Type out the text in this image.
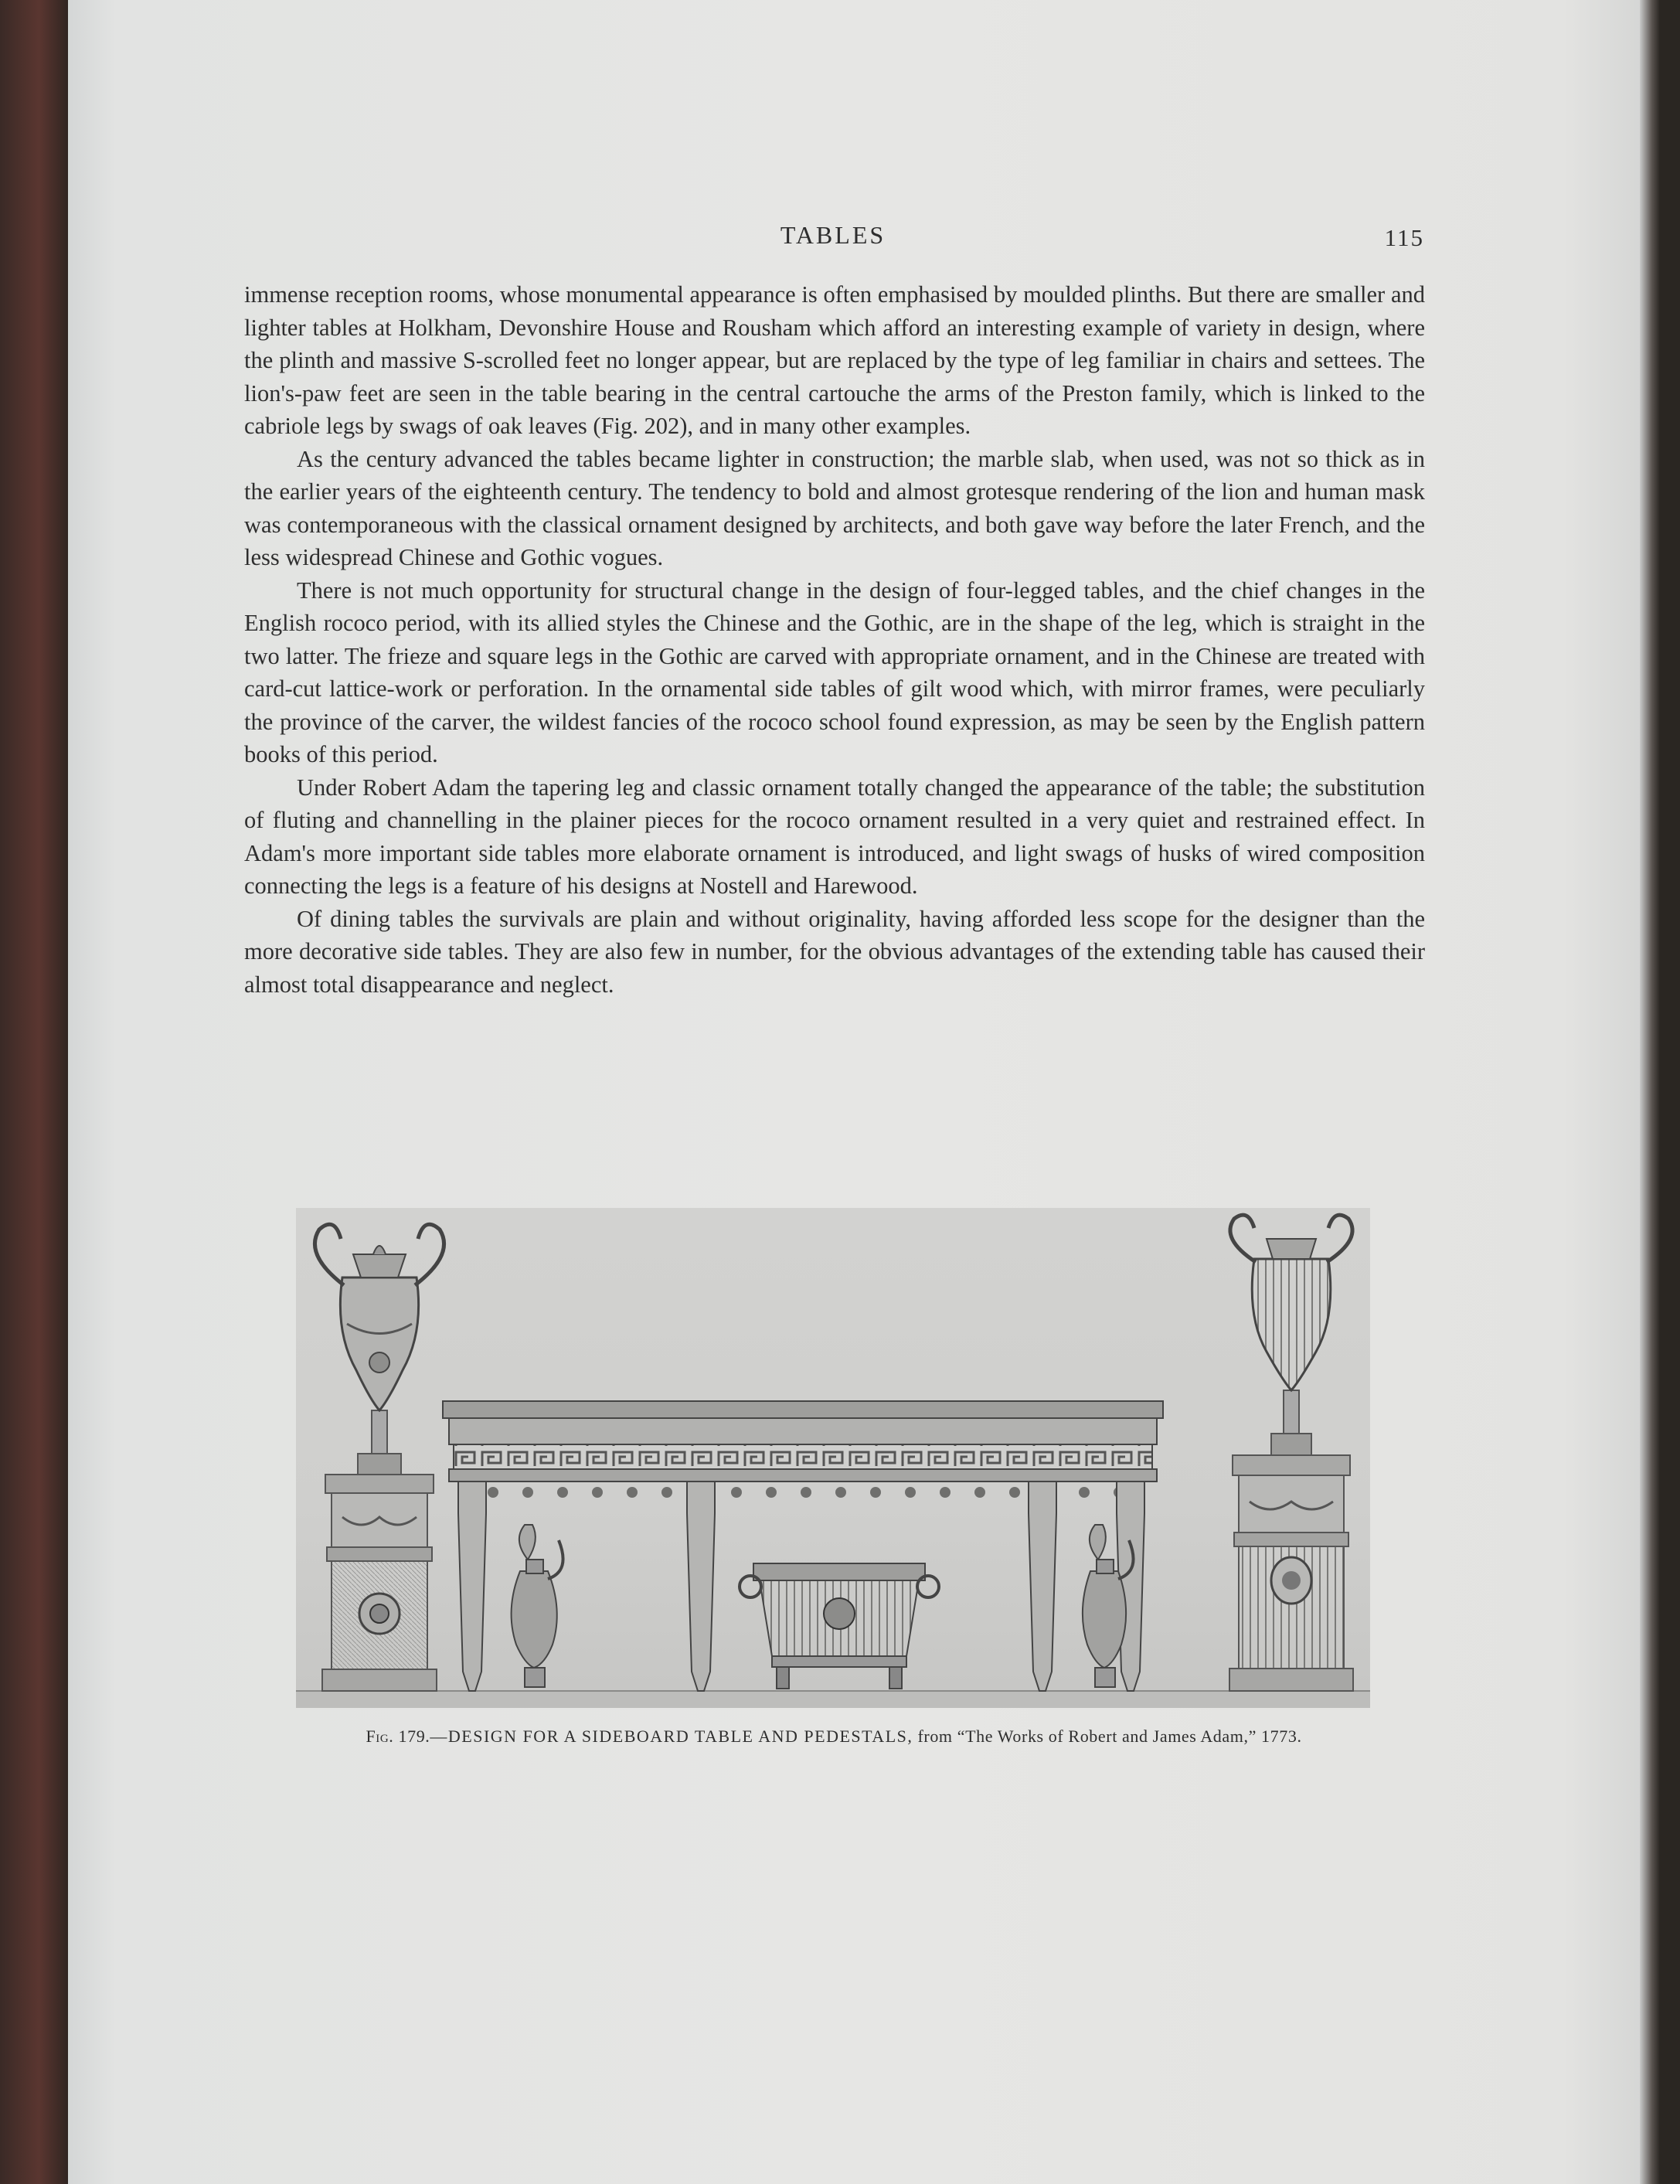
TABLES	115

immense reception rooms, whose monumental appearance is often emphasised by moulded plinths. But there are smaller and lighter tables at Holkham, Devonshire House and Rousham which afford an interesting example of variety in design, where the plinth and massive S-scrolled feet no longer appear, but are replaced by the type of leg familiar in chairs and settees. The lion's-paw feet are seen in the table bearing in the central cartouche the arms of the Preston family, which is linked to the cabriole legs by swags of oak leaves (Fig. 202), and in many other examples.

As the century advanced the tables became lighter in construction; the marble slab, when used, was not so thick as in the earlier years of the eighteenth century. The tendency to bold and almost grotesque rendering of the lion and human mask was contemporaneous with the classical ornament designed by architects, and both gave way before the later French, and the less widespread Chinese and Gothic vogues.

There is not much opportunity for structural change in the design of four-legged tables, and the chief changes in the English rococo period, with its allied styles the Chinese and the Gothic, are in the shape of the leg, which is straight in the two latter. The frieze and square legs in the Gothic are carved with appropriate ornament, and in the Chinese are treated with card-cut lattice-work or perforation. In the ornamental side tables of gilt wood which, with mirror frames, were peculiarly the province of the carver, the wildest fancies of the rococo school found expression, as may be seen by the English pattern books of this period.

Under Robert Adam the tapering leg and classic ornament totally changed the appearance of the table; the substitution of fluting and channelling in the plainer pieces for the rococo ornament resulted in a very quiet and restrained effect. In Adam's more important side tables more elaborate ornament is introduced, and light swags of husks of wired composition connecting the legs is a feature of his designs at Nostell and Harewood.

Of dining tables the survivals are plain and without originality, having afforded less scope for the designer than the more decorative side tables. They are also few in number, for the obvious advantages of the extending table has caused their almost total disappearance and neglect.

Fig. 179.—DESIGN FOR A SIDEBOARD TABLE AND PEDESTALS, from “The Works of Robert and James Adam,” 1773.
